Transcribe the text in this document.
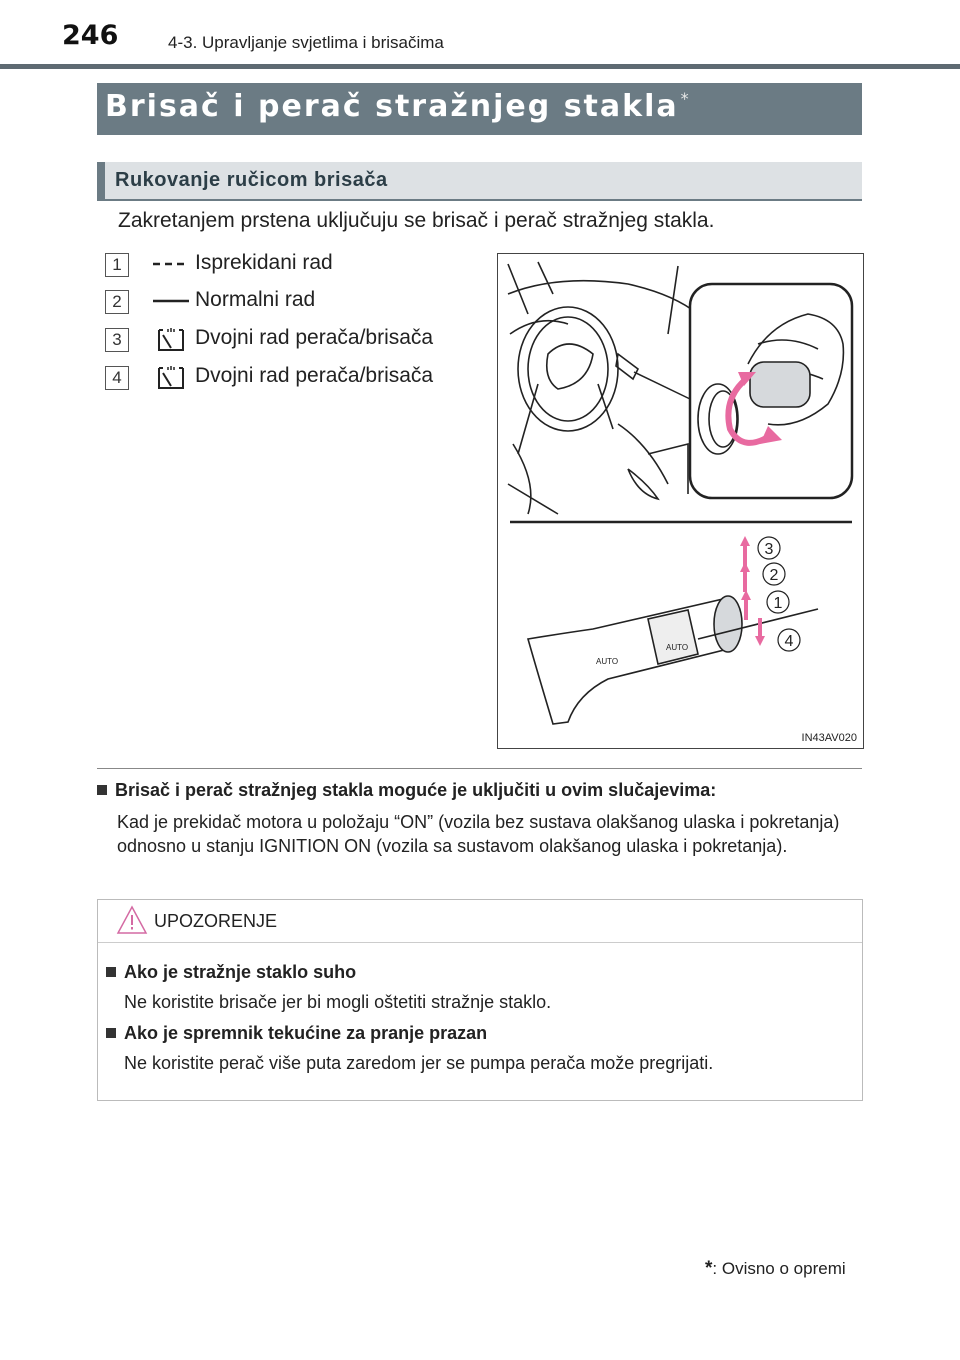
246	4-3. Upravljanje svjetlima i brisačima
Brisač i perač stražnjeg stakla *
Rukovanje ručicom brisača
Zakretanjem prstena uključuju se brisač i perač stražnjeg stakla.
1	Isprekidani rad
2	Normalni rad
3	Dvojni rad perača/brisača
4	Dvojni rad perača/brisača
AUTO
AUTO
3
2
1
4
IN43AV020
Brisač i perač stražnjeg stakla moguće je uključiti u ovim slučajevima:
Kad je prekidač motora u položaju “ON” (vozila bez sustava olakšanog ulaska i pokretanja) odnosno u stanju IGNITION ON (vozila sa sustavom olakšanog ulaska i pokretanja).
UPOZORENJE
Ako je stražnje staklo suho
Ne koristite brisače jer bi mogli oštetiti stražnje staklo.
Ako je spremnik tekućine za pranje prazan
Ne koristite perač više puta zaredom jer se pumpa perača može pregrijati.
*: Ovisno o opremi
